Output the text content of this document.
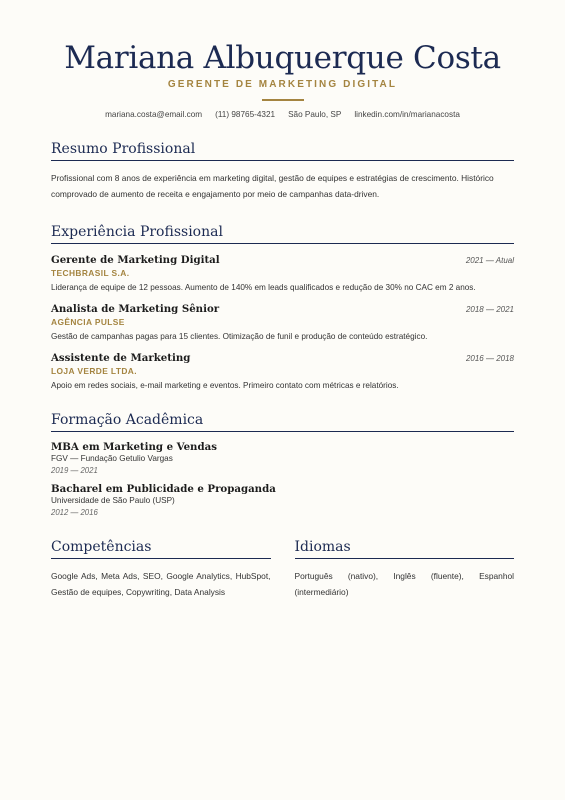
Mariana Albuquerque Costa
GERENTE DE MARKETING DIGITAL
mariana.costa@email.com (11) 98765-4321 São Paulo, SP linkedin.com/in/marianacosta
Resumo Profissional

Profissional com 8 anos de experiência em marketing digital, gestão de equipes e estratégias de crescimento. Histórico comprovado de aumento de receita e engajamento por meio de campanhas data-driven.

Experiência Profissional
Gerente de Marketing Digital	2021 — Atual
TECHBRASIL S.A.
Liderança de equipe de 12 pessoas. Aumento de 140% em leads qualificados e redução de 30% no CAC em 2 anos.
Analista de Marketing Sênior	2018 — 2021
AGÊNCIA PULSE
Gestão de campanhas pagas para 15 clientes. Otimização de funil e produção de conteúdo estratégico.
Assistente de Marketing	2016 — 2018
LOJA VERDE LTDA.
Apoio em redes sociais, e-mail marketing e eventos. Primeiro contato com métricas e relatórios.
Formação Acadêmica
MBA em Marketing e Vendas
FGV — Fundação Getulio Vargas
2019 — 2021
Bacharel em Publicidade e Propaganda
Universidade de São Paulo (USP)
2012 — 2016
Competências

Google Ads, Meta Ads, SEO, Google Analytics, HubSpot, Gestão de equipes, Copywriting, Data Analysis

Idiomas

Português (nativo), Inglês (fluente), Espanhol (intermediário)
